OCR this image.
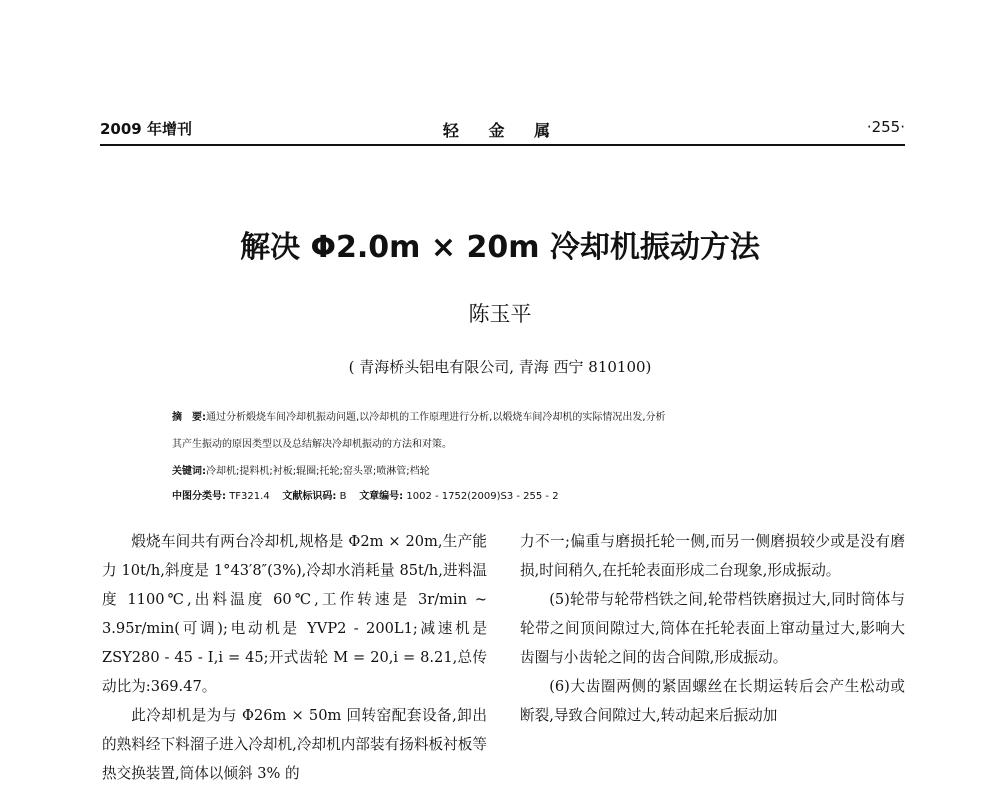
2009 年增刊	轻 金 属	·255·
解决 Φ2.0m × 20m 冷却机振动方法
陈玉平
( 青海桥头铝电有限公司, 青海 西宁 810100)
摘　要:通过分析煅烧车间冷却机振动问题,以冷却机的工作原理进行分析,以煅烧车间冷却机的实际情况出发,分析
其产生振动的原因类型以及总结解决冷却机振动的方法和对策。
关键词:冷却机;提料机;衬板;辊圈;托轮;窑头罩;喷淋管;档轮
中图分类号: TF321.4 文献标识码: B 文章编号: 1002 - 1752(2009)S3 - 255 - 2

煅烧车间共有两台冷却机,规格是 Φ2m × 20m,生产能力 10t/h,斜度是 1°43′8″(3%),冷却水消耗量 85t/h,进料温度 1100℃,出料温度 60℃,工作转速是 3r/min ~ 3.95r/min(可调);电动机是 YVP2 - 200L1;减速机是 ZSY280 - 45 - Ⅰ,i = 45;开式齿轮 M = 20,i = 8.21,总传动比为:369.47。

此冷却机是为与 Φ26m × 50m 回转窑配套设备,卸出的熟料经下料溜子进入冷却机,冷却机内部装有扬料板衬板等热交换装置,筒体以倾斜 3% 的

力不一;偏重与磨损托轮一侧,而另一侧磨损较少或是没有磨损,时间稍久,在托轮表面形成二台现象,形成振动。

(5)轮带与轮带档铁之间,轮带档铁磨损过大,同时筒体与轮带之间顶间隙过大,筒体在托轮表面上窜动量过大,影响大齿圈与小齿轮之间的齿合间隙,形成振动。

(6)大齿圈两侧的紧固螺丝在长期运转后会产生松动或断裂,导致合间隙过大,转动起来后振动加
